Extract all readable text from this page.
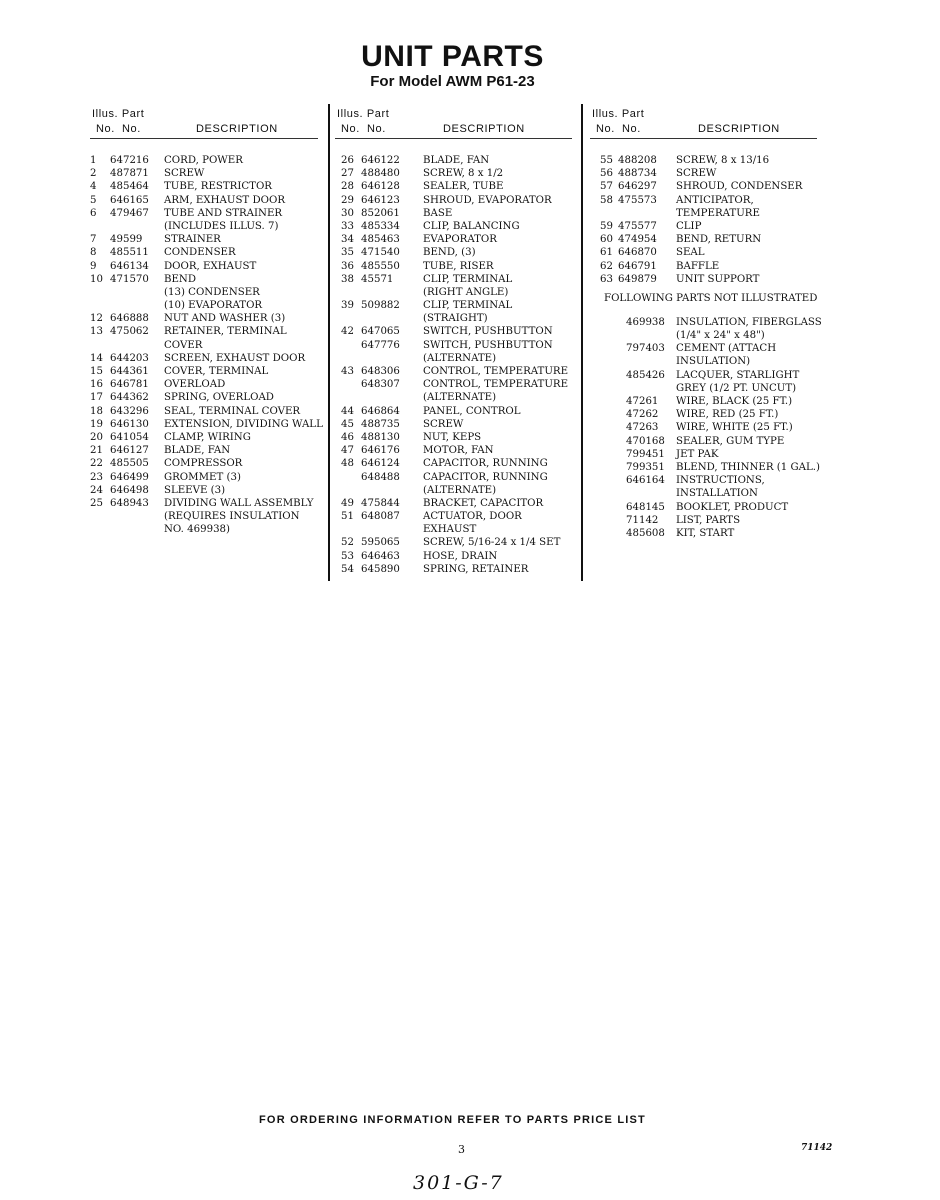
UNIT PARTS
For Model AWM P61-23
Illus. Part
No. No.	DESCRIPTION
1	647216	CORD, POWER
2	487871	SCREW
4	485464	TUBE, RESTRICTOR
5	646165	ARM, EXHAUST DOOR
6	479467	TUBE AND STRAINER
(INCLUDES ILLUS. 7)
7	49599	STRAINER
8	485511	CONDENSER
9	646134	DOOR, EXHAUST
10 471570	BEND
(13) CONDENSER
(10) EVAPORATOR
12 646888	NUT AND WASHER (3)
13 475062	RETAINER, TERMINAL
COVER
14 644203	SCREEN, EXHAUST DOOR
15 644361	COVER, TERMINAL
16 646781	OVERLOAD
17 644362	SPRING, OVERLOAD
18 643296	SEAL, TERMINAL COVER
19 646130	EXTENSION, DIVIDING WALL
20 641054	CLAMP, WIRING
21 646127	BLADE, FAN
22 485505	COMPRESSOR
23 646499	GROMMET (3)
24 646498	SLEEVE (3)
25 648943	DIVIDING WALL ASSEMBLY
(REQUIRES INSULATION
NO. 469938)
Illus. Part
No. No.	DESCRIPTION
26 646122	BLADE, FAN
27 488480	SCREW, 8 x 1/2
28 646128	SEALER, TUBE
29 646123	SHROUD, EVAPORATOR
30 852061	BASE
33 485334	CLIP, BALANCING
34 485463	EVAPORATOR
35 471540	BEND, (3)
36 485550	TUBE, RISER
38 45571	CLIP, TERMINAL
(RIGHT ANGLE)
39 509882	CLIP, TERMINAL
(STRAIGHT)
42 647065	SWITCH, PUSHBUTTON
647776	SWITCH, PUSHBUTTON
(ALTERNATE)
43 648306	CONTROL, TEMPERATURE
648307	CONTROL, TEMPERATURE
(ALTERNATE)
44 646864	PANEL, CONTROL
45 488735	SCREW
46 488130	NUT, KEPS
47 646176	MOTOR, FAN
48 646124	CAPACITOR, RUNNING
648488	CAPACITOR, RUNNING
(ALTERNATE)
49 475844	BRACKET, CAPACITOR
51 648087	ACTUATOR, DOOR
EXHAUST
52 595065	SCREW, 5/16-24 x 1/4 SET
53 646463	HOSE, DRAIN
54 645890	SPRING, RETAINER
Illus. Part
No. No.	DESCRIPTION
55 488208	SCREW, 8 x 13/16
56 488734	SCREW
57 646297	SHROUD, CONDENSER
58 475573	ANTICIPATOR,
TEMPERATURE
59 475577	CLIP
60 474954	BEND, RETURN
61 646870	SEAL
62 646791	BAFFLE
63 649879	UNIT SUPPORT
FOLLOWING PARTS NOT ILLUSTRATED
469938	INSULATION, FIBERGLASS
(1/4" x 24" x 48")
797403	CEMENT (ATTACH
INSULATION)
485426	LACQUER, STARLIGHT
GREY (1/2 PT. UNCUT)
47261	WIRE, BLACK (25 FT.)
47262	WIRE, RED (25 FT.)
47263	WIRE, WHITE (25 FT.)
470168	SEALER, GUM TYPE
799451	JET PAK
799351	BLEND, THINNER (1 GAL.)
646164	INSTRUCTIONS,
INSTALLATION
648145	BOOKLET, PRODUCT
71142	LIST, PARTS
485608	KIT, START
FOR ORDERING INFORMATION REFER TO PARTS PRICE LIST
3	71142
301-G-7
